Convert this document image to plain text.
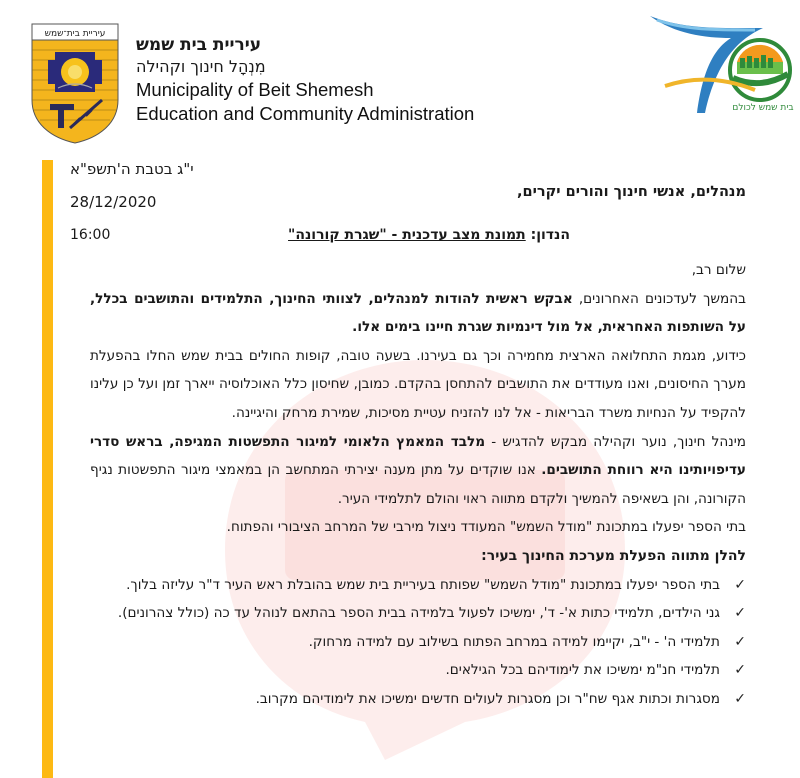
עיריית בית־שמש
עיריית בית שמש
מִנְהָל חינוך וקהילה
Municipality of Beit Shemesh
Education and Community Administration	בית שמש לכולם
י"ג בטבת ה'תשפ"א
28/12/2020
16:00
מנהלים, אנשי חינוך והורים יקרים,
הנדון: תמונת מצב עדכנית - "שגרת קורונה"

שלום רב,

בהמשך לעדכונים האחרונים, אבקש ראשית להודות למנהלים, לצוותי החינוך, התלמידים והתושבים בכלל, על השותפות האחראית, אל מול דינמיות שגרת חיינו בימים אלו.

כידוע, מגמת התחלואה הארצית מחמירה וכך גם בעירנו. בשעה טובה, קופות החולים בבית שמש החלו בהפעלת מערך החיסונים, ואנו מעודדים את התושבים להתחסן בהקדם. כמובן, שחיסון כלל האוכלוסיה ייארך זמן ועל כן עלינו להקפיד על הנחיות משרד הבריאות - אל לנו להזניח עטיית מסיכות, שמירת מרחק והיגיינה.

מינהל חינוך, נוער וקהילה מבקש להדגיש - מלבד המאמץ הלאומי למיגור התפשטות המגיפה, בראש סדרי עדיפויותינו היא רווחת התושבים. אנו שוקדים על מתן מענה יצירתי המתחשב הן במאמצי מיגור התפשטות נגיף הקורונה, והן בשאיפה להמשיך ולקדם מתווה ראוי והולם לתלמידי העיר.

בתי הספר יפעלו במתכונת "מודל השמש" המעודד ניצול מירבי של המרחב הציבורי והפתוח.

להלן מתווה הפעלת מערכת החינוך בעיר:

✓
בתי הספר יפעלו במתכונת "מודל השמש" שפותח בעיריית בית שמש בהובלת ראש העיר ד"ר עליזה בלוך.
✓
גני הילדים, תלמידי כתות א'- ד', ימשיכו לפעול בלמידה בבית הספר בהתאם לנוהל עד כה (כולל צהרונים).
✓
תלמידי ה' - י"ב, יקיימו למידה במרחב הפתוח בשילוב עם למידה מרחוק.
✓
תלמידי חנ"מ ימשיכו את לימודיהם בכל הגילאים.
✓
מסגרות וכתות אגף שח"ר וכן מסגרות לעולים חדשים ימשיכו את לימודיהם מקרוב.
